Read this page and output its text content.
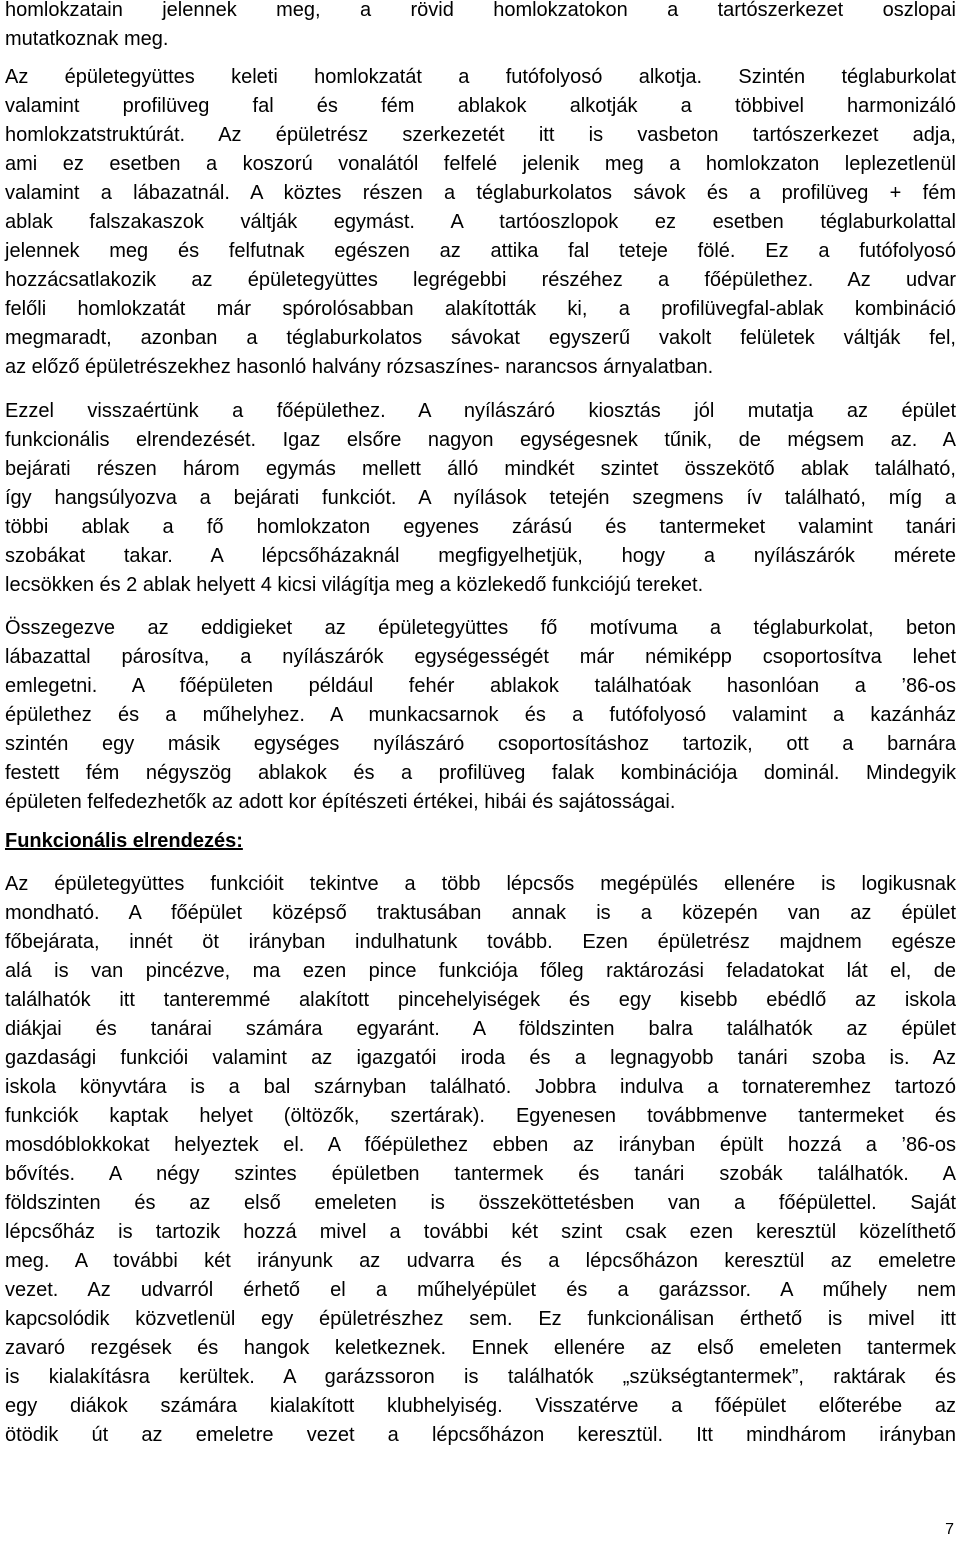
homlokzatain jelennek meg, a rövid homlokzatokon a tartószerkezet oszlopai
mutatkoznak meg.
Az épületegyüttes keleti homlokzatát a futófolyosó alkotja. Szintén téglaburkolat
valamint profilüveg fal és fém ablakok alkotják a többivel harmonizáló
homlokzatstruktúrát. Az épületrész szerkezetét itt is vasbeton tartószerkezet adja,
ami ez esetben a koszorú vonalától felfelé jelenik meg a homlokzaton leplezetlenül
valamint a lábazatnál. A köztes részen a téglaburkolatos sávok és a profilüveg + fém
ablak falszakaszok váltják egymást. A tartóoszlopok ez esetben téglaburkolattal
jelennek meg és felfutnak egészen az attika fal teteje fölé. Ez a futófolyosó
hozzácsatlakozik az épületegyüttes legrégebbi részéhez a főépülethez. Az udvar
felőli homlokzatát már spórolósabban alakították ki, a profilüvegfal-ablak kombináció
megmaradt, azonban a téglaburkolatos sávokat egyszerű vakolt felületek váltják fel,
az előző épületrészekhez hasonló halvány rózsaszínes- narancsos árnyalatban.
Ezzel visszaértünk a főépülethez. A nyílászáró kiosztás jól mutatja az épület
funkcionális elrendezését. Igaz elsőre nagyon egységesnek tűnik, de mégsem az. A
bejárati részen három egymás mellett álló mindkét szintet összekötő ablak található,
így hangsúlyozva a bejárati funkciót. A nyílások tetején szegmens ív található, míg a
többi ablak a fő homlokzaton egyenes zárású és tantermeket valamint tanári
szobákat takar. A lépcsőházaknál megfigyelhetjük, hogy a nyílászárók mérete
lecsökken és 2 ablak helyett 4 kicsi világítja meg a közlekedő funkciójú tereket.
Összegezve az eddigieket az épületegyüttes fő motívuma a téglaburkolat, beton
lábazattal párosítva, a nyílászárók egységességét már némiképp csoportosítva lehet
emlegetni. A főépületen például fehér ablakok találhatóak hasonlóan a ’86-os
épülethez és a műhelyhez. A munkacsarnok és a futófolyosó valamint a kazánház
szintén egy másik egységes nyílászáró csoportosításhoz tartozik, ott a barnára
festett fém négyszög ablakok és a profilüveg falak kombinációja dominál. Mindegyik
épületen felfedezhetők az adott kor építészeti értékei, hibái és sajátosságai.
Funkcionális elrendezés:
Az épületegyüttes funkcióit tekintve a több lépcsős megépülés ellenére is logikusnak
mondható. A főépület középső traktusában annak is a közepén van az épület
főbejárata, innét öt irányban indulhatunk tovább. Ezen épületrész majdnem egésze
alá is van pincézve, ma ezen pince funkciója főleg raktározási feladatokat lát el, de
találhatók itt tanteremmé alakított pincehelyiségek és egy kisebb ebédlő az iskola
diákjai és tanárai számára egyaránt. A földszinten balra találhatók az épület
gazdasági funkciói valamint az igazgatói iroda és a legnagyobb tanári szoba is. Az
iskola könyvtára is a bal szárnyban található. Jobbra indulva a tornateremhez tartozó
funkciók kaptak helyet (öltözők, szertárak). Egyenesen továbbmenve tantermeket és
mosdóblokkokat helyeztek el. A főépülethez ebben az irányban épült hozzá a ’86-os
bővítés. A négy szintes épületben tantermek és tanári szobák találhatók. A
földszinten és az első emeleten is összeköttetésben van a főépülettel. Saját
lépcsőház is tartozik hozzá mivel a további két szint csak ezen keresztül közelíthető
meg. A további két irányunk az udvarra és a lépcsőházon keresztül az emeletre
vezet. Az udvarról érhető el a műhelyépület és a garázssor. A műhely nem
kapcsolódik közvetlenül egy épületrészhez sem. Ez funkcionálisan érthető is mivel itt
zavaró rezgések és hangok keletkeznek. Ennek ellenére az első emeleten tantermek
is kialakításra kerültek. A garázssoron is találhatók „szükségtantermek”, raktárak és
egy diákok számára kialakított klubhelyiség. Visszatérve a főépület előterébe az
ötödik út az emeletre vezet a lépcsőházon keresztül. Itt mindhárom irányban
7
